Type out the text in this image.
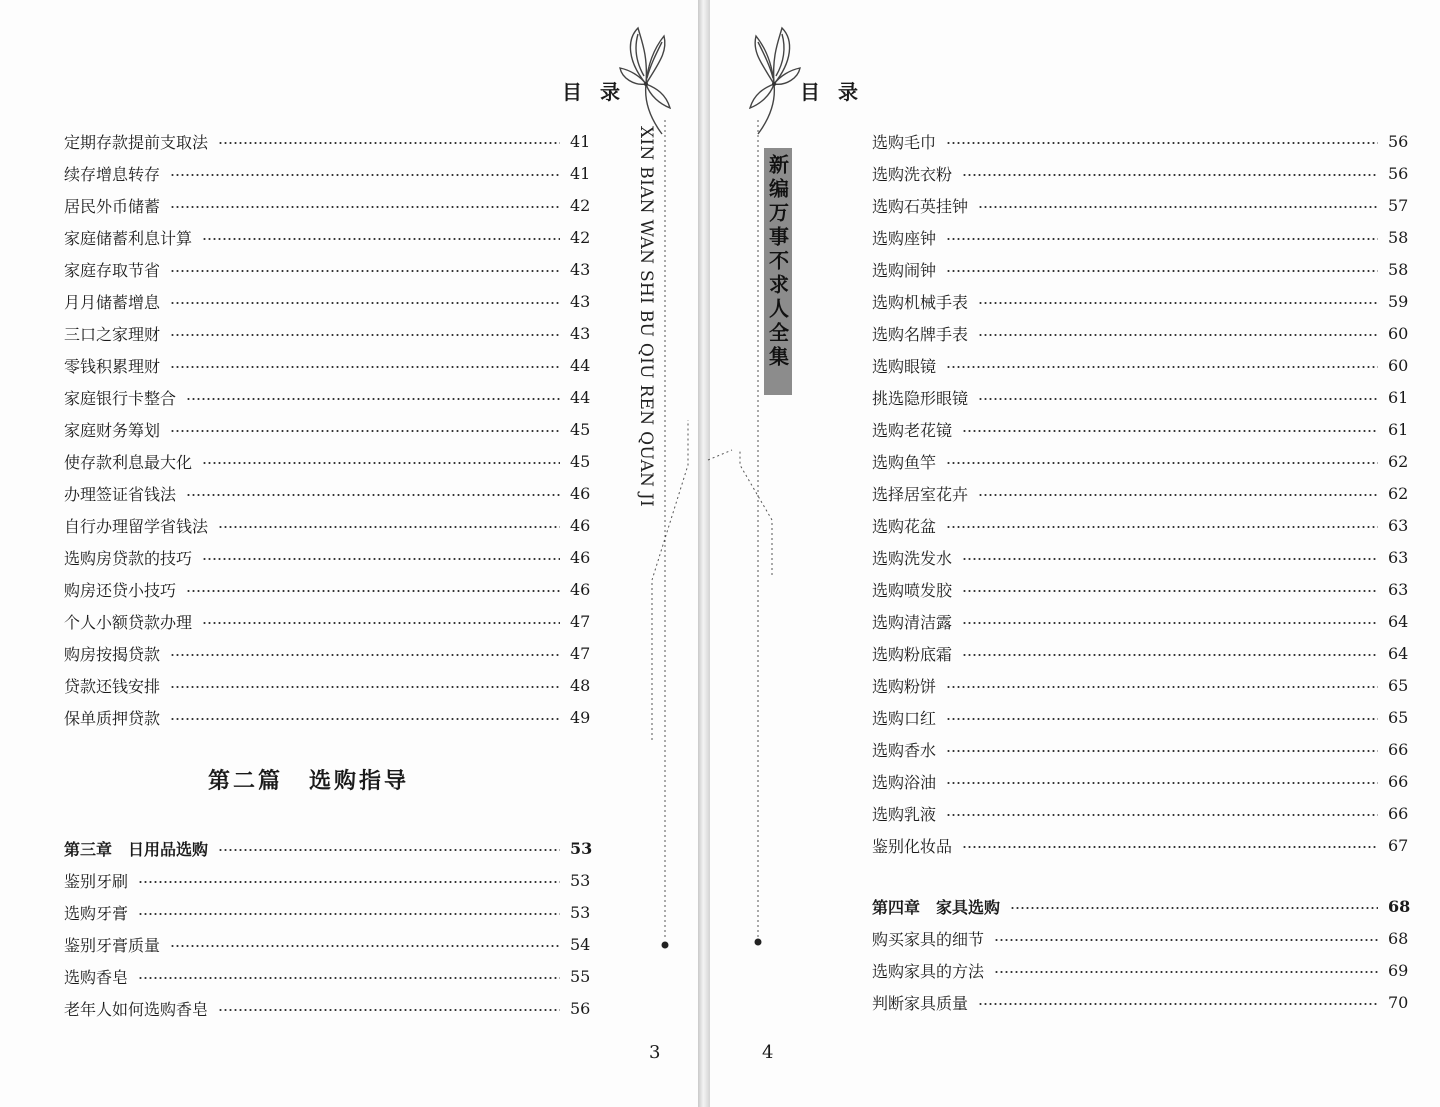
目录
定期存款提前支取法	41
续存增息转存	41
居民外币储蓄	42
家庭储蓄利息计算	42
家庭存取节省	43
月月储蓄增息	43
三口之家理财	43
零钱积累理财	44
家庭银行卡整合	44
家庭财务筹划	45
使存款利息最大化	45
办理签证省钱法	46
自行办理留学省钱法	46
选购房贷款的技巧	46
购房还贷小技巧	46
个人小额贷款办理	47
购房按揭贷款	47
贷款还钱安排	48
保单质押贷款	49
第二篇 选购指导
第三章　日用品选购	53
鉴别牙刷	53
选购牙膏	53
鉴别牙膏质量	54
选购香皂	55
老年人如何选购香皂	56
XIN BIAN WAN SHI BU QIU REN QUAN JI
3
目录
选购毛巾	56
选购洗衣粉	56
选购石英挂钟	57
选购座钟	58
选购闹钟	58
选购机械手表	59
选购名牌手表	60
选购眼镜	60
挑选隐形眼镜	61
选购老花镜	61
选购鱼竿	62
选择居室花卉	62
选购花盆	63
选购洗发水	63
选购喷发胶	63
选购清洁露	64
选购粉底霜	64
选购粉饼	65
选购口红	65
选购香水	66
选购浴油	66
选购乳液	66
鉴别化妆品	67
第四章　家具选购	68
购买家具的细节	68
选购家具的方法	69
判断家具质量	70
4
新编万事不求人全集
